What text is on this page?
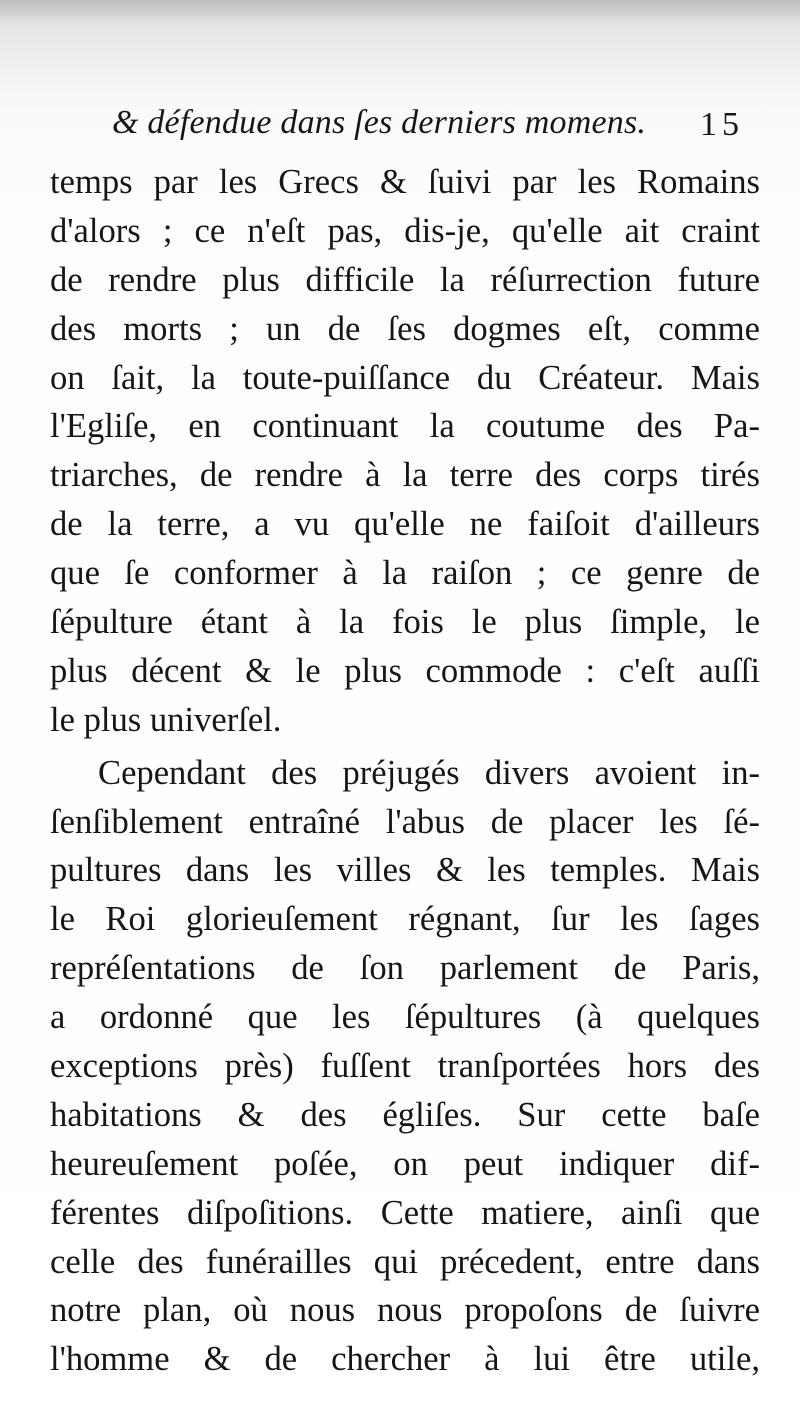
& défendue dans ſes derniers momens. 15
temps par les Grecs & ſuivi par les Romains
d'alors ; ce n'eſt pas, dis-je, qu'elle ait craint
de rendre plus difficile la réſurrection future
des morts ; un de ſes dogmes eſt, comme
on ſait, la toute-puiſſance du Créateur. Mais
l'Egliſe, en continuant la coutume des Pa-
triarches, de rendre à la terre des corps tirés
de la terre, a vu qu'elle ne faiſoit d'ailleurs
que ſe conformer à la raiſon ; ce genre de
ſépulture étant à la fois le plus ſimple, le
plus décent & le plus commode : c'eſt auſſi
le plus univerſel.
Cependant des préjugés divers avoient in-
ſenſiblement entraîné l'abus de placer les ſé-
pultures dans les villes & les temples. Mais
le Roi glorieuſement régnant, ſur les ſages
repréſentations de ſon parlement de Paris,
a ordonné que les ſépultures (à quelques
exceptions près) fuſſent tranſportées hors des
habitations & des égliſes. Sur cette baſe
heureuſement poſée, on peut indiquer dif-
férentes diſpoſitions. Cette matiere, ainſi que
celle des funérailles qui précedent, entre dans
notre plan, où nous nous propoſons de ſuivre
l'homme & de chercher à lui être utile,
